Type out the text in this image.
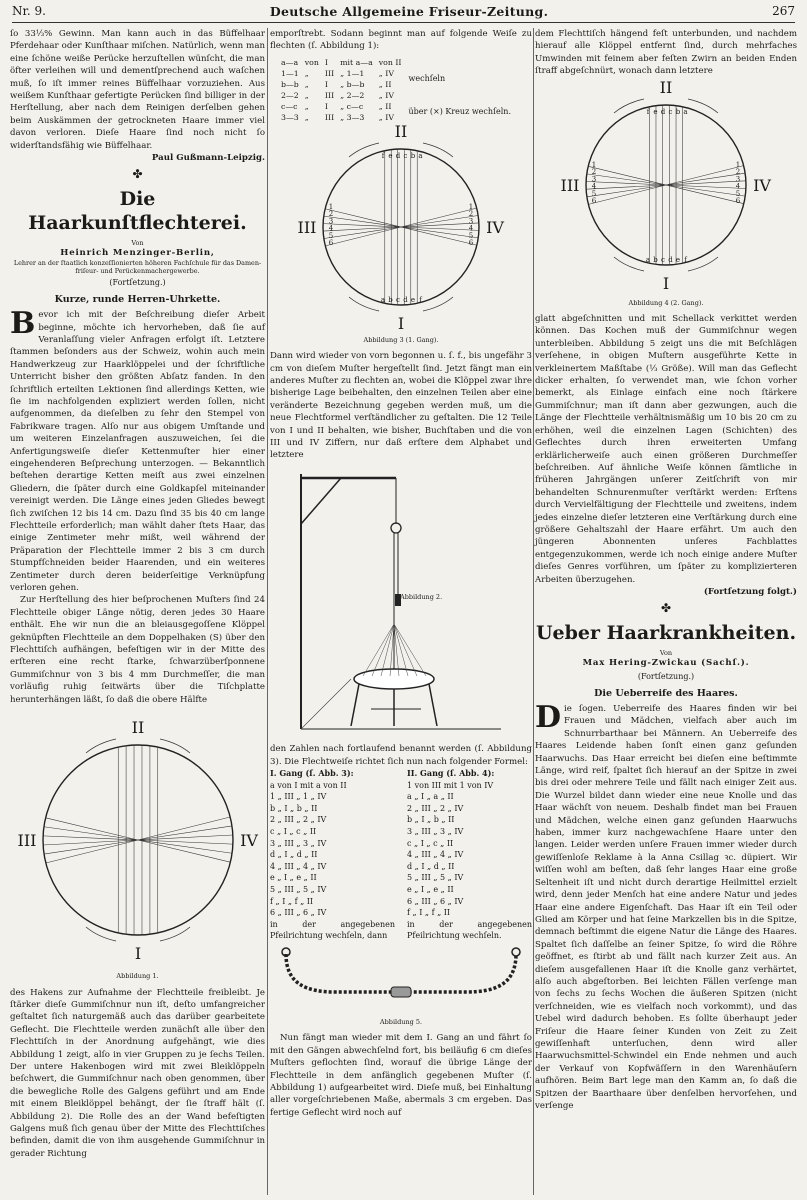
Nr. 9.	Deutsche Allgemeine Friseur-Zeitung.	267

ſo 33⅓% Gewinn. Man kann auch in das Büffelhaar Pferdehaar oder Kunſthaar miſchen. Natürlich, wenn man eine ſchöne weiße Perücke herzuſtellen wünſcht, die man öfter verleihen will und dementſprechend auch waſchen muß, ſo iſt immer reines Büffelhaar vorzuziehen. Aus weißem Kunſthaar gefertigte Perücken ſind billiger in der Herſtellung, aber nach dem Reinigen derſelben gehen beim Auskämmen der getrockneten Haare immer viel davon verloren. Dieſe Haare ſind noch nicht ſo widerſtandsfähig wie Büffelhaar.

Paul Gußmann-Leipzig.
✤
Die Haarkunſtflechterei.
Von
Heinrich Menzinger-Berlin,
Lehrer an der ſtaatlich konzeſſionierten höheren Fachſchule für das Damen-friſeur- und Perückenmachergewerbe.
(Fortſetzung.)
Kurze, runde Herren-Uhrkette.

Bevor ich mit der Beſchreibung dieſer Arbeit beginne, möchte ich hervorheben, daß ſie auf Veranlaſſung vieler Anfragen erfolgt iſt. Letztere ſtammen beſonders aus der Schweiz, wohin auch mein Handwerkzeug zur Haarklöppelei und der ſchriftliche Unterricht bisher den größten Abſatz fanden. In den ſchriftlich erteilten Lektionen ſind allerdings Ketten, wie ſie im nachfolgenden expliziert werden ſollen, nicht aufgenommen, da dieſelben zu ſehr den Stempel von Fabrikware tragen. Alſo nur aus obigem Umſtande und um weiteren Einzelanfragen auszuweichen, ſei die Anfertigungsweiſe dieſer Kettenmuſter hier einer eingehenderen Beſprechung unterzogen. — Bekanntlich beſtehen derartige Ketten meiſt aus zwei einzelnen Gliedern, die ſpäter durch eine Goldkapſel miteinander vereinigt werden. Die Länge eines jeden Gliedes bewegt ſich zwiſchen 12 bis 14 cm. Dazu ſind 35 bis 40 cm lange Flechtteile erforderlich; man wählt daher ſtets Haar, das einige Zentimeter mehr mißt, weil während der Präparation der Flechtteile immer 2 bis 3 cm durch Stumpfſchneiden beider Haarenden, und ein weiteres Zentimeter durch deren beiderſeitige Verknüpfung verloren gehen.

Zur Herſtellung des hier beſprochenen Muſters ſind 24 Flechtteile obiger Länge nötig, deren jedes 30 Haare enthält. Ehe wir nun die an bleiausgegoſſene Klöppel geknüpften Flechtteile an dem Doppelhaken (S) über den Flechttiſch aufhängen, befeſtigen wir in der Mitte des erſteren eine recht ſtarke, ſchwarzüberſponnene Gummiſchnur von 3 bis 4 mm Durchmeſſer, die man vorläufig ruhig ſeitwärts über die Tiſchplatte herunterhängen läßt, ſo daß die obere Hälfte

II
I
III	IV
Abbildung 1.

des Hakens zur Aufnahme der Flechtteile freibleibt. Je ſtärker dieſe Gummiſchnur nun iſt, deſto umfangreicher geſtaltet ſich naturgemäß auch das darüber gearbeitete Geflecht. Die Flechtteile werden zunächſt alle über den Flechttiſch in der Anordnung aufgehängt, wie dies Abbildung 1 zeigt, alſo in vier Gruppen zu je ſechs Teilen. Der untere Hakenbogen wird mit zwei Bleiklöppeln beſchwert, die Gummiſchnur nach oben genommen, über die bewegliche Rolle des Galgens geführt und am Ende mit einem Bleiklöppel behängt, der ſie ſtraff hält (ſ. Abbildung 2). Die Rolle des an der Wand befeſtigten Galgens muß ſich genau über der Mitte des Flechttiſches befinden, damit die von ihm ausgehende Gummiſchnur in gerader Richtung

emporſtrebt. Sodann beginnt man auf folgende Weiſe zu flechten (ſ. Abbildung 1):

a—a	von	I	mit a—a	von II
1—1	„	III	„ 1—1	„ IV
b—b	„	I	„ b—b	„ II
2—2	„	III	„ 2—2	„ IV
c—c	„	I	„ c—c	„ II
3—3	„	III	„ 3—3	„ IV
wechſeln
über (×) Kreuz wechſeln.
II
I
III	IV
f e d c b a
a b c d e f
1
2
3
4
5
6
1
2
3
4
5
6
Abbildung 3 (1. Gang).

Dann wird wieder von vorn begonnen u. ſ. f., bis ungefähr 3 cm von dieſem Muſter hergeſtellt ſind. Jetzt fängt man ein anderes Muſter zu flechten an, wobei die Klöppel zwar ihre bisherige Lage beibehalten, den einzelnen Teilen aber eine veränderte Bezeichnung gegeben werden muß, um die neue Flechtformel verſtändlicher zu geſtalten. Die 12 Teile von I und II behalten, wie bisher, Buchſtaben und die von III und IV Ziffern, nur daß erſtere dem Alphabet und letztere

Abbildung 2.

den Zahlen nach fortlaufend benannt werden (ſ. Abbildung 3). Die Flechtweiſe richtet ſich nun nach folgender Formel:

I. Gang (ſ. Abb. 3):
a von I mit a von II
1 „ III „ 1 „ IV
b „ I „ b „ II
2 „ III „ 2 „ IV
c „ I „ c „ II
3 „ III „ 3 „ IV
d „ I „ d „ II
4 „ III „ 4 „ IV
e „ I „ e „ II
5 „ III „ 5 „ IV
f „ I „ f „ II
6 „ III „ 6 „ IV
in der angegebenen Pfeilrichtung wechſeln, dann

II. Gang (ſ. Abb. 4):
1 von III mit 1 von IV
a „ I „ a „ II
2 „ III „ 2 „ IV
b „ I „ b „ II
3 „ III „ 3 „ IV
c „ I „ c „ II
4 „ III „ 4 „ IV
d „ I „ d „ II
5 „ III „ 5 „ IV
e „ I „ e „ II
6 „ III „ 6 „ IV
f „ I „ f „ II
in der angegebenen Pfeilrichtung wechſeln.
Abbildung 5.

Nun fängt man wieder mit dem I. Gang an und fährt ſo mit den Gängen abwechſelnd fort, bis beiläufig 6 cm dieſes Muſters geflochten ſind, worauf die übrige Länge der Flechtteile in dem anfänglich gegebenen Muſter (ſ. Abbildung 1) aufgearbeitet wird. Dieſe muß, bei Einhaltung aller vorgeſchriebenen Maße, abermals 3 cm ergeben. Das fertige Geflecht wird noch auf

dem Flechttiſch hängend feſt unterbunden, und nachdem hierauf alle Klöppel entfernt ſind, durch mehrfaches Umwinden mit feinem aber feſten Zwirn an beiden Enden ſtraff abgeſchnürt, wonach dann letztere

II
I
III	IV
f e d c b a
a b c d e f
1
2
3
4
5
6
1
2
3
4
5
6
Abbildung 4 (2. Gang).

glatt abgeſchnitten und mit Schellack verkittet werden können. Das Kochen muß der Gummiſchnur wegen unterbleiben. Abbildung 5 zeigt uns die mit Beſchlägen verſehene, in obigen Muſtern ausgeführte Kette in verkleinertem Maßſtabe (⅓ Größe). Will man das Geflecht dicker erhalten, ſo verwendet man, wie ſchon vorher bemerkt, als Einlage einfach eine noch ſtärkere Gummiſchnur; man iſt dann aber gezwungen, auch die Länge der Flechtteile verhältnismäßig um 10 bis 20 cm zu erhöhen, weil die einzelnen Lagen (Schichten) des Geflechtes durch ihren erweiterten Umfang erklärlicherweiſe auch einen größeren Durchmeſſer beſchreiben. Auf ähnliche Weiſe können ſämtliche in früheren Jahrgängen unſerer Zeitſchrift von mir behandelten Schnurenmuſter verſtärkt werden: Erſtens durch Vervielfältigung der Flechtteile und zweitens, indem jedes einzelne dieſer letzteren eine Verſtärkung durch eine größere Gehaltszahl der Haare erfährt. Um auch den jüngeren Abonnenten unſeres Fachblattes entgegenzukommen, werde ich noch einige andere Muſter dieſes Genres vorführen, um ſpäter zu komplizierteren Arbeiten überzugehen.

(Fortſetzung folgt.)
✤
Ueber Haarkrankheiten.
Von
Max Hering-Zwickau (Sachſ.).
(Fortſetzung.)
Die Ueberreife des Haares.

Die ſogen. Ueberreife des Haares finden wir bei Frauen und Mädchen, vielfach aber auch im Schnurrbarthaar bei Männern. An Ueberreife des Haares Leidende haben ſonſt einen ganz geſunden Haarwuchs. Das Haar erreicht bei dieſen eine beſtimmte Länge, wird reif, ſpaltet ſich hierauf an der Spitze in zwei bis drei oder mehrere Teile und fällt nach einiger Zeit aus. Die Wurzel bildet dann wieder eine neue Knolle und das Haar wächſt von neuem. Deshalb findet man bei Frauen und Mädchen, welche einen ganz geſunden Haarwuchs haben, immer kurz nachgewachſene Haare unter den langen. Leider werden unſere Frauen immer wieder durch gewiſſenloſe Reklame à la Anna Csillag ꝛc. düpiert. Wir wiſſen wohl am beſten, daß ſehr langes Haar eine große Seltenheit iſt und nicht durch derartige Heilmittel erzielt wird, denn jeder Menſch hat eine andere Natur und jedes Haar eine andere Eigenſchaft. Das Haar iſt ein Teil oder Glied am Körper und hat ſeine Markzellen bis in die Spitze, demnach beſtimmt die eigene Natur die Länge des Haares. Spaltet ſich daſſelbe an ſeiner Spitze, ſo wird die Röhre geöffnet, es ſtirbt ab und fällt nach kurzer Zeit aus. An dieſem ausgefallenen Haar iſt die Knolle ganz verhärtet, alſo auch abgeſtorben. Bei leichten Fällen verſenge man von ſechs zu ſechs Wochen die äußeren Spitzen (nicht verſchneiden, wie es vielfach noch vorkommt), und das Uebel wird dadurch behoben. Es ſollte überhaupt jeder Friſeur die Haare ſeiner Kunden von Zeit zu Zeit gewiſſenhaft unterſuchen, denn wird aller Haarwuchsmittel-Schwindel ein Ende nehmen und auch der Verkauf von Kopfwäſſern in den Warenhäuſern aufhören. Beim Bart lege man den Kamm an, ſo daß die Spitzen der Baarthaare über denſelben hervorſehen, und verſenge
